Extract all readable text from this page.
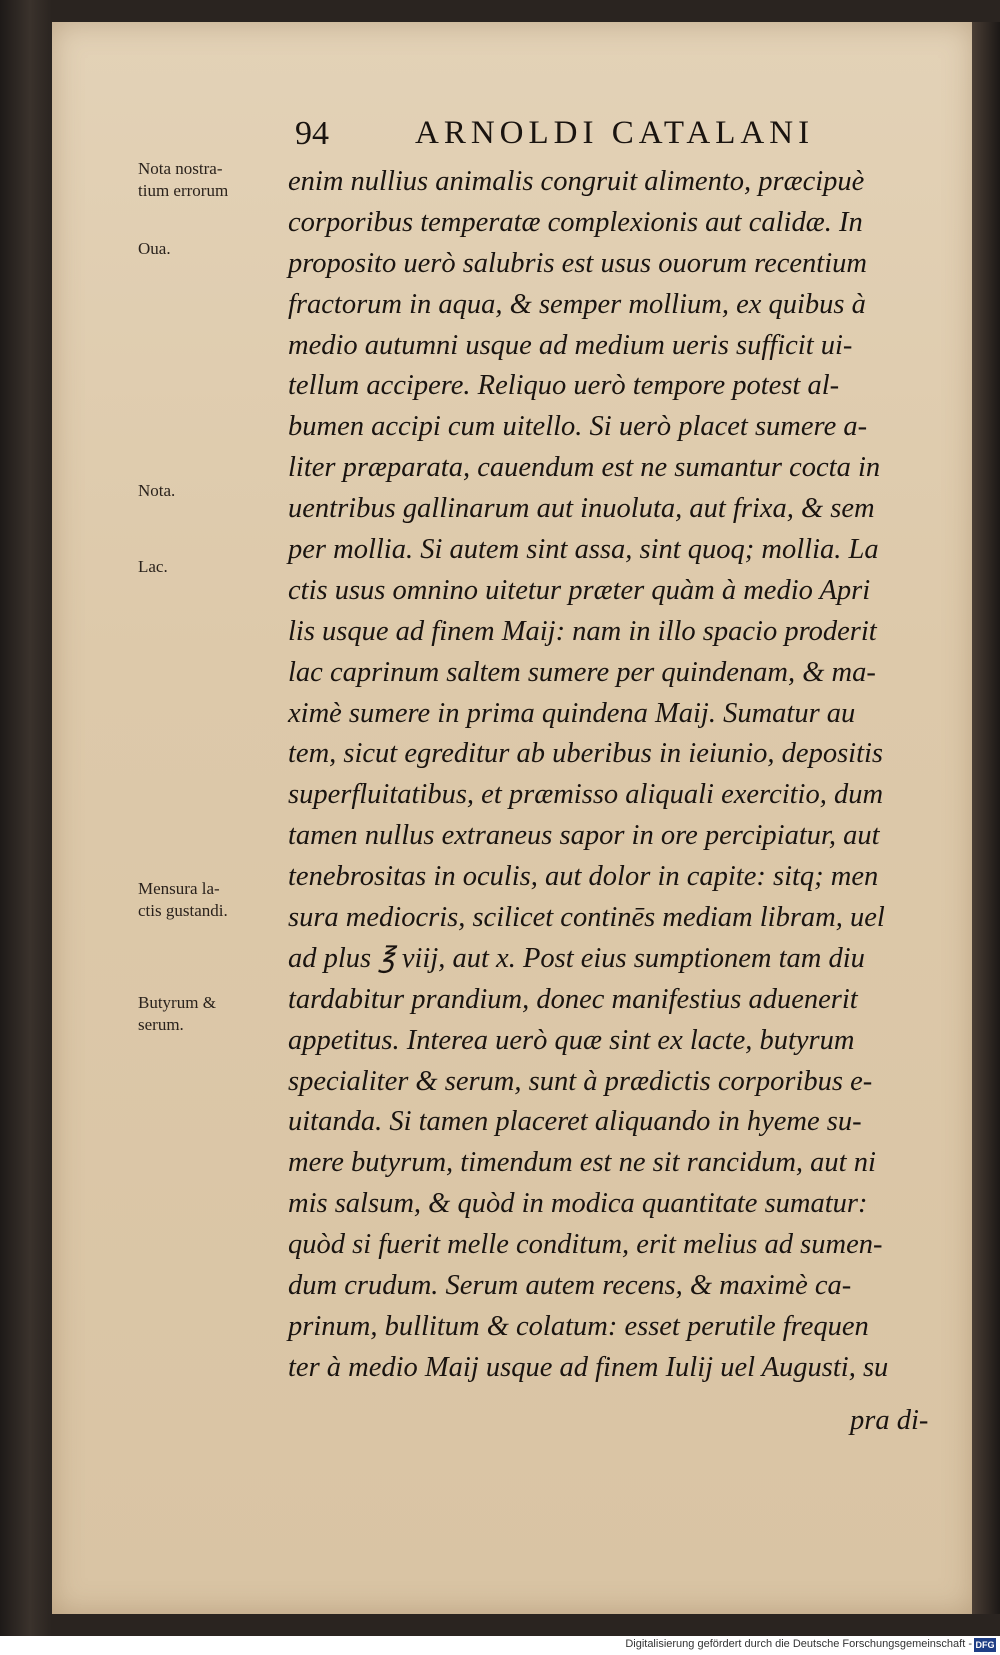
94	ARNOLDI CATALANI
Nota nostra-
tium errorum
Oua.
Nota.
Lac.
Mensura la-
ctis gustandi.
Butyrum &
serum.
enim nullius animalis congruit alimento, præcipuè
corporibus temperatæ complexionis aut calidæ. In
proposito uerò salubris est usus ouorum recentium
fractorum in aqua, & semper mollium, ex quibus à
medio autumni usque ad medium ueris sufficit ui-
tellum accipere. Reliquo uerò tempore potest al-
bumen accipi cum uitello. Si uerò placet sumere a-
liter præparata, cauendum est ne sumantur cocta in
uentribus gallinarum aut inuoluta, aut frixa, & sem
per mollia. Si autem sint assa, sint quoq; mollia. La
ctis usus omnino uitetur præter quàm à medio Apri
lis usque ad finem Maij: nam in illo spacio proderit
lac caprinum saltem sumere per quindenam, & ma-
ximè sumere in prima quindena Maij. Sumatur au
tem, sicut egreditur ab uberibus in ieiunio, depositis
superfluitatibus, et præmisso aliquali exercitio, dum
tamen nullus extraneus sapor in ore percipiatur, aut
tenebrositas in oculis, aut dolor in capite: sitq; men
sura mediocris, scilicet continēs mediam libram, uel
ad plus ℥ viij, aut x. Post eius sumptionem tam diu
tardabitur prandium, donec manifestius aduenerit
appetitus. Interea uerò quæ sint ex lacte, butyrum
specialiter & serum, sunt à prædictis corporibus e-
uitanda. Si tamen placeret aliquando in hyeme su-
mere butyrum, timendum est ne sit rancidum, aut ni
mis salsum, & quòd in modica quantitate sumatur:
quòd si fuerit melle conditum, erit melius ad sumen-
dum crudum. Serum autem recens, & maximè ca-
prinum, bullitum & colatum: esset perutile frequen
ter à medio Maij usque ad finem Iulij uel Augusti, su
pra di-
Digitalisierung gefördert durch die Deutsche Forschungsgemeinschaft - DFG
